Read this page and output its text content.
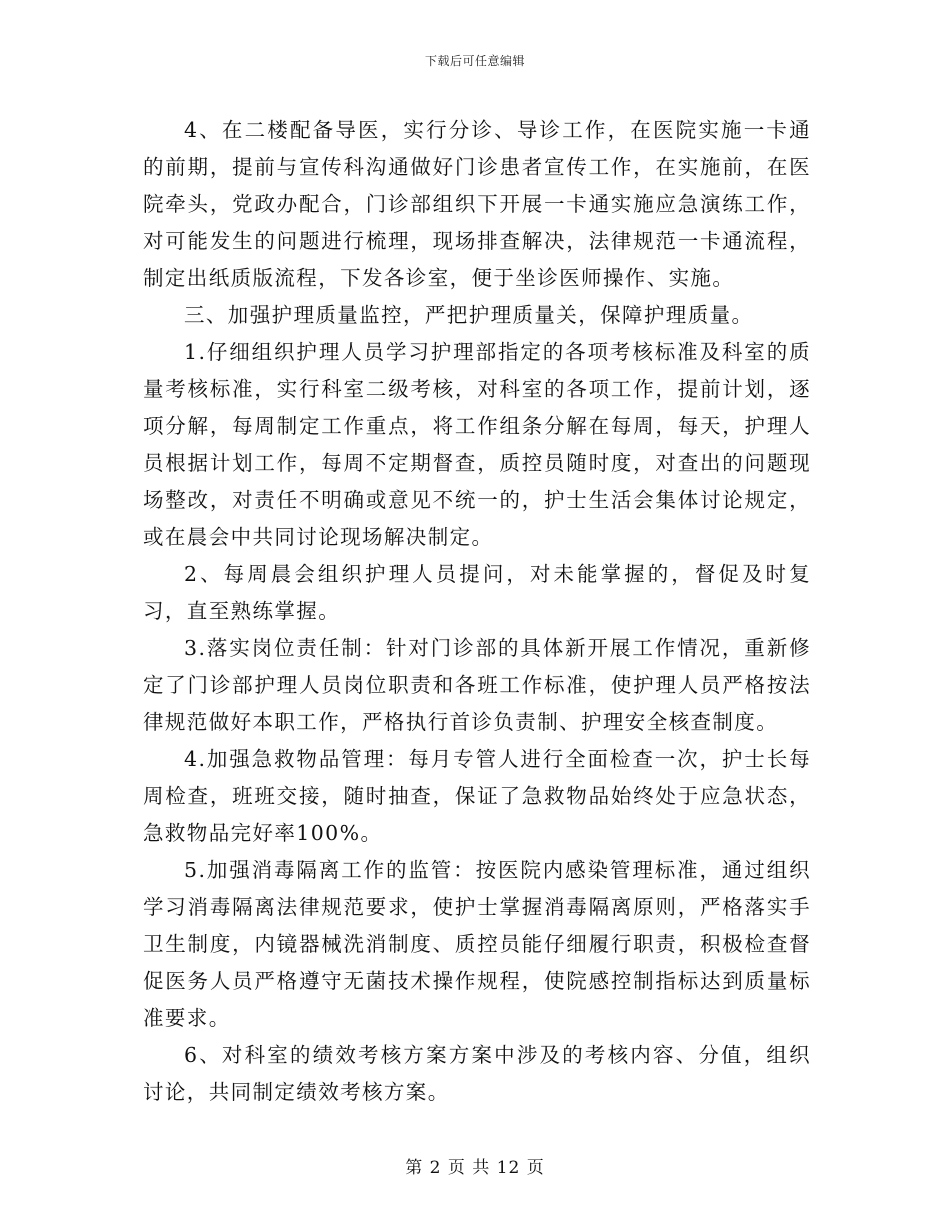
下载后可任意编辑

4、在二楼配备导医，实行分诊、导诊工作，在医院实施一卡通的前期，提前与宣传科沟通做好门诊患者宣传工作，在实施前，在医院牵头，党政办配合，门诊部组织下开展一卡通实施应急演练工作，对可能发生的问题进行梳理，现场排查解决，法律规范一卡通流程，制定出纸质版流程，下发各诊室，便于坐诊医师操作、实施。

三、加强护理质量监控，严把护理质量关，保障护理质量。

1.仔细组织护理人员学习护理部指定的各项考核标准及科室的质量考核标准，实行科室二级考核，对科室的各项工作，提前计划，逐项分解，每周制定工作重点，将工作组条分解在每周，每天，护理人员根据计划工作，每周不定期督查，质控员随时度，对查出的问题现场整改，对责任不明确或意见不统一的，护士生活会集体讨论规定，或在晨会中共同讨论现场解决制定。

2、每周晨会组织护理人员提问，对未能掌握的，督促及时复习，直至熟练掌握。

3.落实岗位责任制：针对门诊部的具体新开展工作情况，重新修定了门诊部护理人员岗位职责和各班工作标准，使护理人员严格按法律规范做好本职工作，严格执行首诊负责制、护理安全核查制度。

4.加强急救物品管理：每月专管人进行全面检查一次，护士长每周检查，班班交接，随时抽查，保证了急救物品始终处于应急状态，急救物品完好率100%。

5.加强消毒隔离工作的监管：按医院内感染管理标准，通过组织学习消毒隔离法律规范要求，使护士掌握消毒隔离原则，严格落实手卫生制度，内镜器械洗消制度、质控员能仔细履行职责，积极检查督促医务人员严格遵守无菌技术操作规程，使院感控制指标达到质量标准要求。

6、对科室的绩效考核方案方案中涉及的考核内容、分值，组织讨论，共同制定绩效考核方案。

第 2 页 共 12 页
